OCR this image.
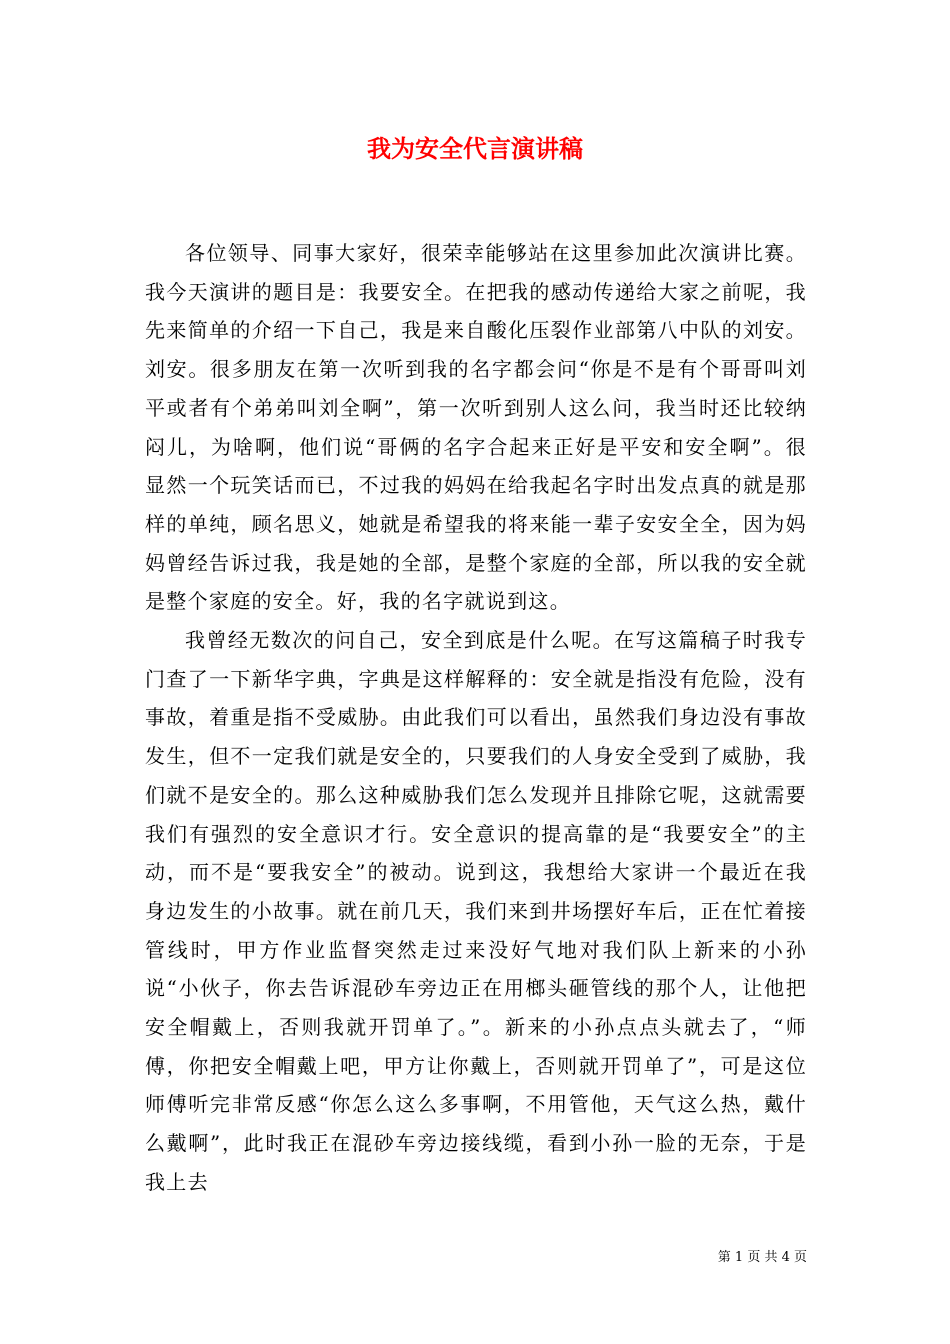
我为安全代言演讲稿

各位领导、同事大家好，很荣幸能够站在这里参加此次演讲比赛。我今天演讲的题目是：我要安全。在把我的感动传递给大家之前呢，我先来简单的介绍一下自己，我是来自酸化压裂作业部第八中队的刘安。刘安。很多朋友在第一次听到我的名字都会问“你是不是有个哥哥叫刘平或者有个弟弟叫刘全啊”，第一次听到别人这么问，我当时还比较纳闷儿，为啥啊，他们说“哥俩的名字合起来正好是平安和安全啊”。很显然一个玩笑话而已，不过我的妈妈在给我起名字时出发点真的就是那样的单纯，顾名思义，她就是希望我的将来能一辈子安安全全，因为妈妈曾经告诉过我，我是她的全部，是整个家庭的全部，所以我的安全就是整个家庭的安全。好，我的名字就说到这。

我曾经无数次的问自己，安全到底是什么呢。在写这篇稿子时我专门查了一下新华字典，字典是这样解释的：安全就是指没有危险，没有事故，着重是指不受威胁。由此我们可以看出，虽然我们身边没有事故发生，但不一定我们就是安全的，只要我们的人身安全受到了威胁，我们就不是安全的。那么这种威胁我们怎么发现并且排除它呢，这就需要我们有强烈的安全意识才行。安全意识的提高靠的是“我要安全”的主动，而不是“要我安全”的被动。说到这，我想给大家讲一个最近在我身边发生的小故事。就在前几天，我们来到井场摆好车后，正在忙着接管线时，甲方作业监督突然走过来没好气地对我们队上新来的小孙说“小伙子，你去告诉混砂车旁边正在用榔头砸管线的那个人，让他把安全帽戴上，否则我就开罚单了。”。新来的小孙点点头就去了，“师傅，你把安全帽戴上吧，甲方让你戴上，否则就开罚单了”，可是这位师傅听完非常反感“你怎么这么多事啊，不用管他，天气这么热，戴什么戴啊”，此时我正在混砂车旁边接线缆，看到小孙一脸的无奈，于是我上去

第 1 页 共 4 页
